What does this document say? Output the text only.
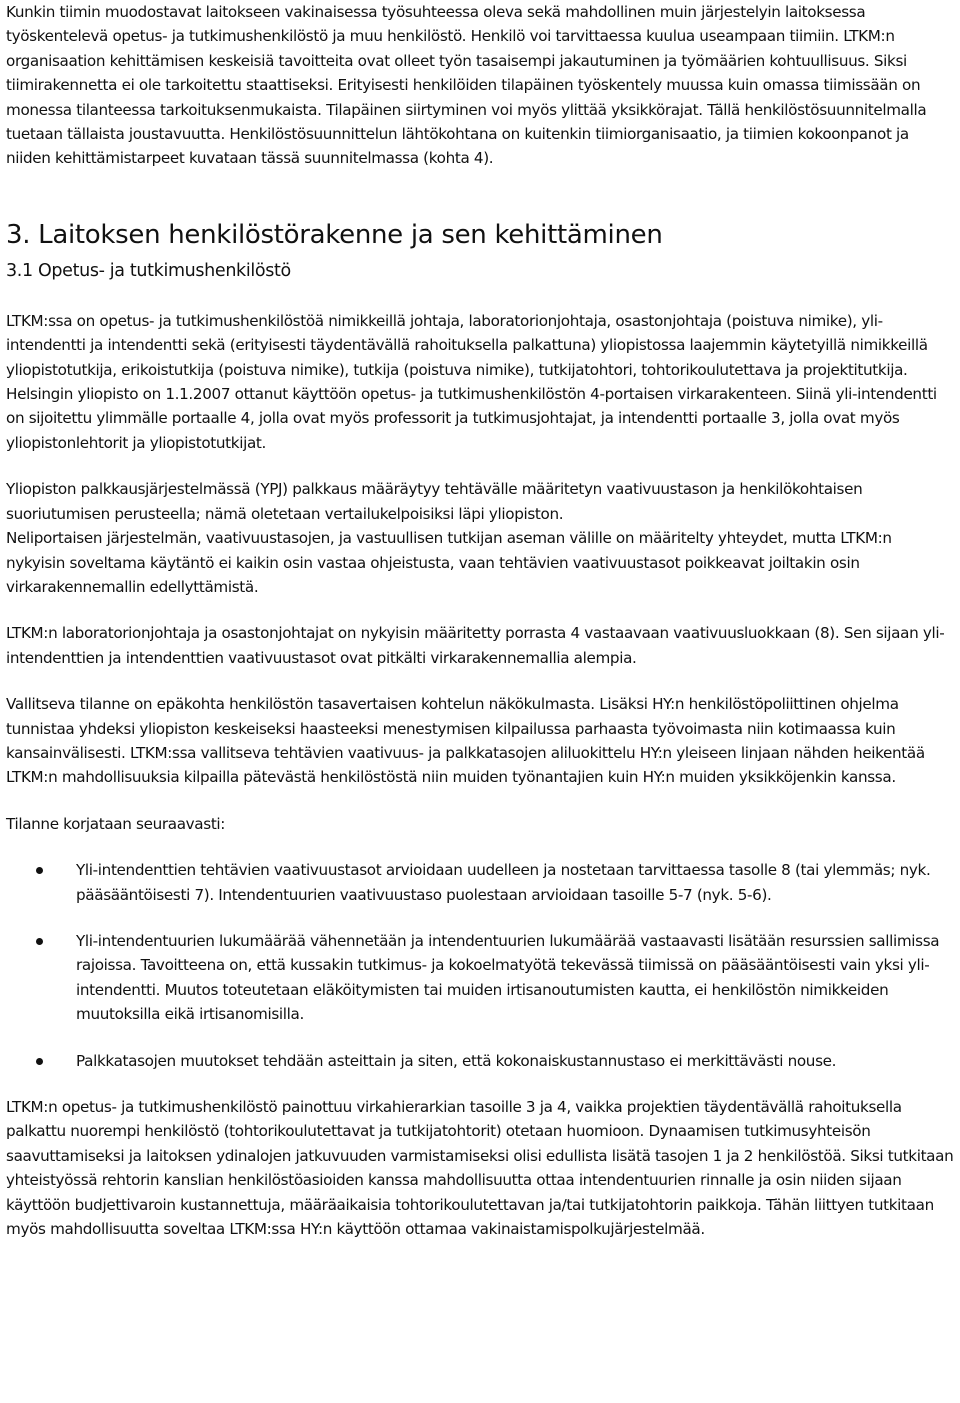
Kunkin tiimin muodostavat laitokseen vakinaisessa työsuhteessa oleva sekä mahdollinen muin järjestelyin laitoksessa työskentelevä opetus- ja tutkimushenkilöstö ja muu henkilöstö. Henkilö voi tarvittaessa kuulua useampaan tiimiin. LTKM:n organisaation kehittämisen keskeisiä tavoitteita ovat olleet työn tasaisempi jakautuminen ja työmäärien kohtuullisuus. Siksi tiimirakennetta ei ole tarkoitettu staattiseksi. Erityisesti henkilöiden tilapäinen työskentely muussa kuin omassa tiimissään on monessa tilanteessa tarkoituksenmukaista. Tilapäinen siirtyminen voi myös ylittää yksikkörajat. Tällä henkilöstösuunnitelmalla tuetaan tällaista joustavuutta. Henkilöstösuunnittelun lähtökohtana on kuitenkin tiimiorganisaatio, ja tiimien kokoonpanot ja niiden kehittämistarpeet kuvataan tässä suunnitelmassa (kohta 4).

3. Laitoksen henkilöstörakenne ja sen kehittäminen
3.1 Opetus- ja tutkimushenkilöstö

LTKM:ssa on opetus- ja tutkimushenkilöstöä nimikkeillä johtaja, laboratorionjohtaja, osastonjohtaja (poistuva nimike), yli-intendentti ja intendentti sekä (erityisesti täydentävällä rahoituksella palkattuna) yliopistossa laajemmin käytetyillä nimikkeillä yliopistotutkija, erikoistutkija (poistuva nimike), tutkija (poistuva nimike), tutkijatohtori, tohtorikoulutettava ja projektitutkija. Helsingin yliopisto on 1.1.2007 ottanut käyttöön opetus- ja tutkimushenkilöstön 4-portaisen virkarakenteen. Siinä yli-intendentti on sijoitettu ylimmälle portaalle 4, jolla ovat myös professorit ja tutkimusjohtajat, ja intendentti portaalle 3, jolla ovat myös yliopistonlehtorit ja yliopistotutkijat.

Yliopiston palkkausjärjestelmässä (YPJ) palkkaus määräytyy tehtävälle määritetyn vaativuustason ja henkilökohtaisen suoriutumisen perusteella; nämä oletetaan vertailukelpoisiksi läpi yliopiston.

Neliportaisen järjestelmän, vaativuustasojen, ja vastuullisen tutkijan aseman välille on määritelty yhteydet, mutta LTKM:n nykyisin soveltama käytäntö ei kaikin osin vastaa ohjeistusta, vaan tehtävien vaativuustasot poikkeavat joiltakin osin virkarakennemallin edellyttämistä.

LTKM:n laboratorionjohtaja ja osastonjohtajat on nykyisin määritetty porrasta 4 vastaavaan vaativuusluokkaan (8). Sen sijaan yli-intendenttien ja intendenttien vaativuustasot ovat pitkälti virkarakennemallia alempia.

Vallitseva tilanne on epäkohta henkilöstön tasavertaisen kohtelun näkökulmasta. Lisäksi HY:n henkilöstöpoliittinen ohjelma tunnistaa yhdeksi yliopiston keskeiseksi haasteeksi menestymisen kilpailussa parhaasta työvoimasta niin kotimaassa kuin kansainvälisesti. LTKM:ssa vallitseva tehtävien vaativuus- ja palkkatasojen aliluokittelu HY:n yleiseen linjaan nähden heikentää LTKM:n mahdollisuuksia kilpailla pätevästä henkilöstöstä niin muiden työnantajien kuin HY:n muiden yksikköjenkin kanssa.

Tilanne korjataan seuraavasti:

Yli-intendenttien tehtävien vaativuustasot arvioidaan uudelleen ja nostetaan tarvittaessa tasolle 8 (tai ylemmäs; nyk. pääsääntöisesti 7). Intendentuurien vaativuustaso puolestaan arvioidaan tasoille 5-7 (nyk. 5-6).
Yli-intendentuurien lukumäärää vähennetään ja intendentuurien lukumäärää vastaavasti lisätään resurssien sallimissa rajoissa. Tavoitteena on, että kussakin tutkimus- ja kokoelmatyötä tekevässä tiimissä on pääsääntöisesti vain yksi yli-intendentti. Muutos toteutetaan eläköitymisten tai muiden irtisanoutumisten kautta, ei henkilöstön nimikkeiden muutoksilla eikä irtisanomisilla.
Palkkatasojen muutokset tehdään asteittain ja siten, että kokonaiskustannustaso ei merkittävästi nouse.

LTKM:n opetus- ja tutkimushenkilöstö painottuu virkahierarkian tasoille 3 ja 4, vaikka projektien täydentävällä rahoituksella palkattu nuorempi henkilöstö (tohtorikoulutettavat ja tutkijatohtorit) otetaan huomioon. Dynaamisen tutkimusyhteisön saavuttamiseksi ja laitoksen ydinalojen jatkuvuuden varmistamiseksi olisi edullista lisätä tasojen 1 ja 2 henkilöstöä. Siksi tutkitaan yhteistyössä rehtorin kanslian henkilöstöasioiden kanssa mahdollisuutta ottaa intendentuurien rinnalle ja osin niiden sijaan käyttöön budjettivaroin kustannettuja, määräaikaisia tohtorikoulutettavan ja/tai tutkijatohtorin paikkoja. Tähän liittyen tutkitaan myös mahdollisuutta soveltaa LTKM:ssa HY:n käyttöön ottamaa vakinaistamispolkujärjestelmää.
